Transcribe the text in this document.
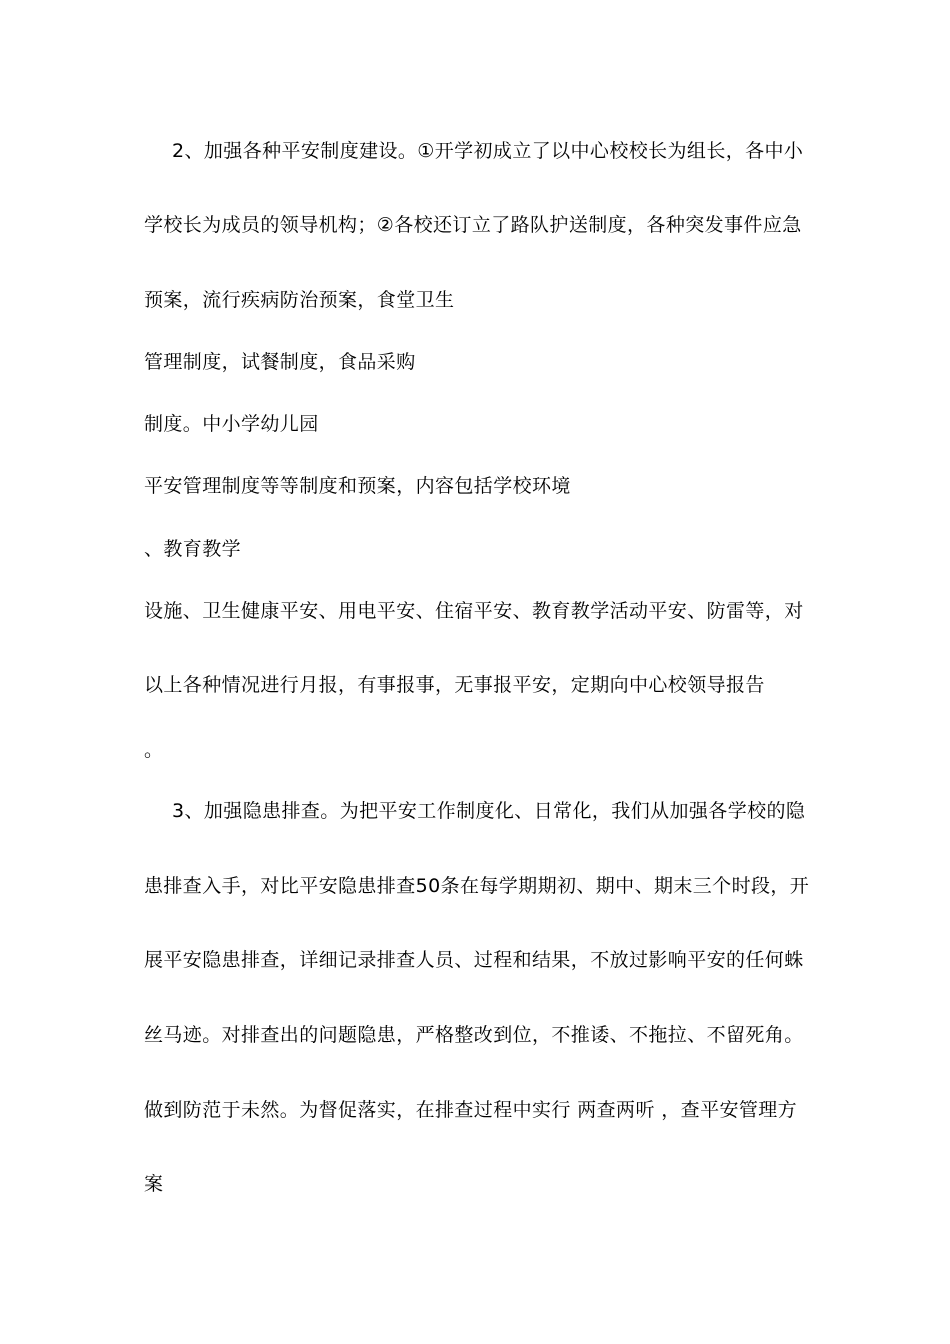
2、加强各种平安制度建设。①开学初成立了以中心校校长为组长，各中小
学校长为成员的领导机构；②各校还订立了路队护送制度，各种突发事件应急
预案，流行疾病防治预案，食堂卫生
管理制度，试餐制度，食品采购
制度。中小学幼儿园
平安管理制度等等制度和预案，内容包括学校环境
、教育教学
设施、卫生健康平安、用电平安、住宿平安、教育教学活动平安、防雷等，对
以上各种情况进行月报，有事报事，无事报平安，定期向中心校领导报告
。
3、加强隐患排查。为把平安工作制度化、日常化，我们从加强各学校的隐
患排查入手，对比平安隐患排查50条在每学期期初、期中、期末三个时段，开
展平安隐患排查，详细记录排查人员、过程和结果，不放过影响平安的任何蛛
丝马迹。对排查出的问题隐患，严格整改到位，不推诿、不拖拉、不留死角。
做到防范于未然。为督促落实，在排查过程中实行 两查两听 ，查平安管理方
案
